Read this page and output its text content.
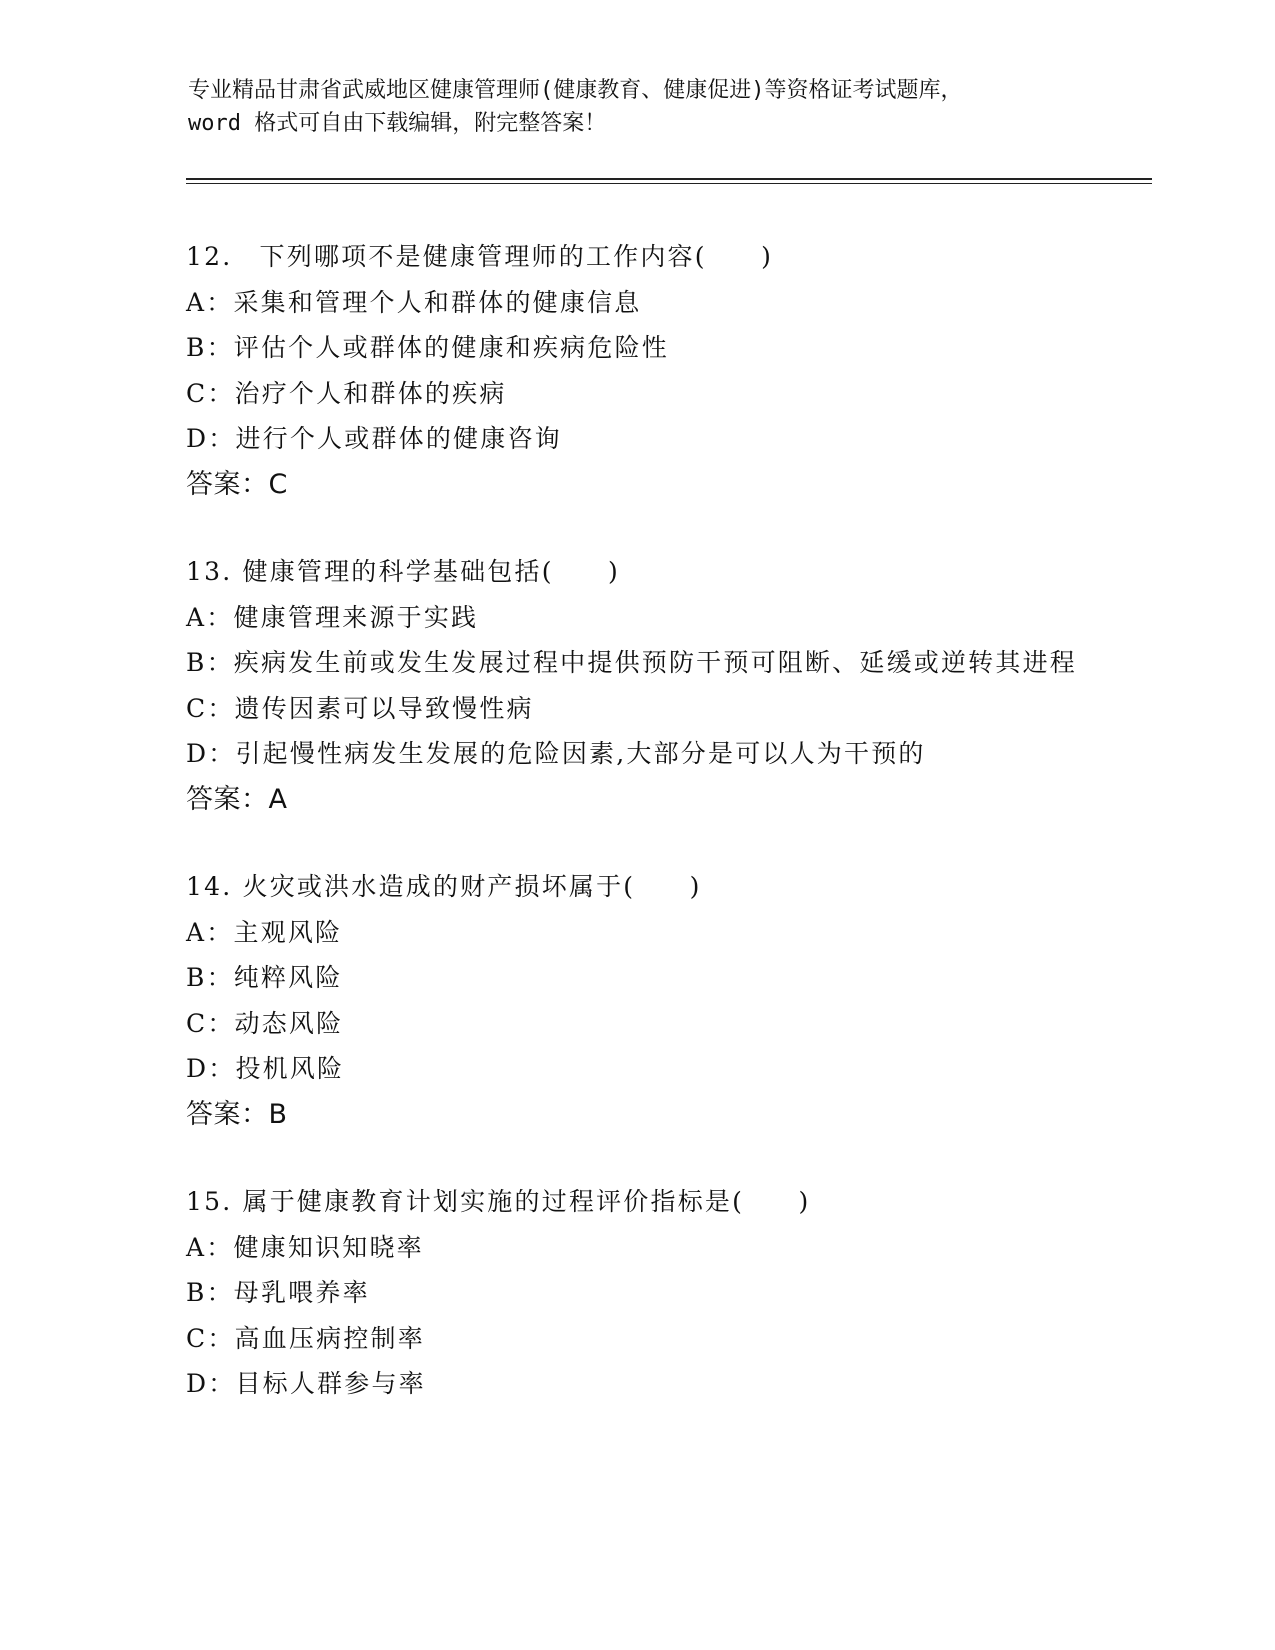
专业精品甘肃省武威地区健康管理师(健康教育、健康促进)等资格证考试题库，
word 格式可自由下载编辑，附完整答案！
12.　下列哪项不是健康管理师的工作内容(　　)
A：采集和管理个人和群体的健康信息
B：评估个人或群体的健康和疾病危险性
C：治疗个人和群体的疾病
D：进行个人或群体的健康咨询
答案：C
13. 健康管理的科学基础包括(　　)
A：健康管理来源于实践
B：疾病发生前或发生发展过程中提供预防干预可阻断、延缓或逆转其进程
C：遗传因素可以导致慢性病
D：引起慢性病发生发展的危险因素,大部分是可以人为干预的
答案：A
14. 火灾或洪水造成的财产损坏属于(　　)
A：主观风险
B：纯粹风险
C：动态风险
D：投机风险
答案：B
15. 属于健康教育计划实施的过程评价指标是(　　)
A：健康知识知晓率
B：母乳喂养率
C：高血压病控制率
D：目标人群参与率
